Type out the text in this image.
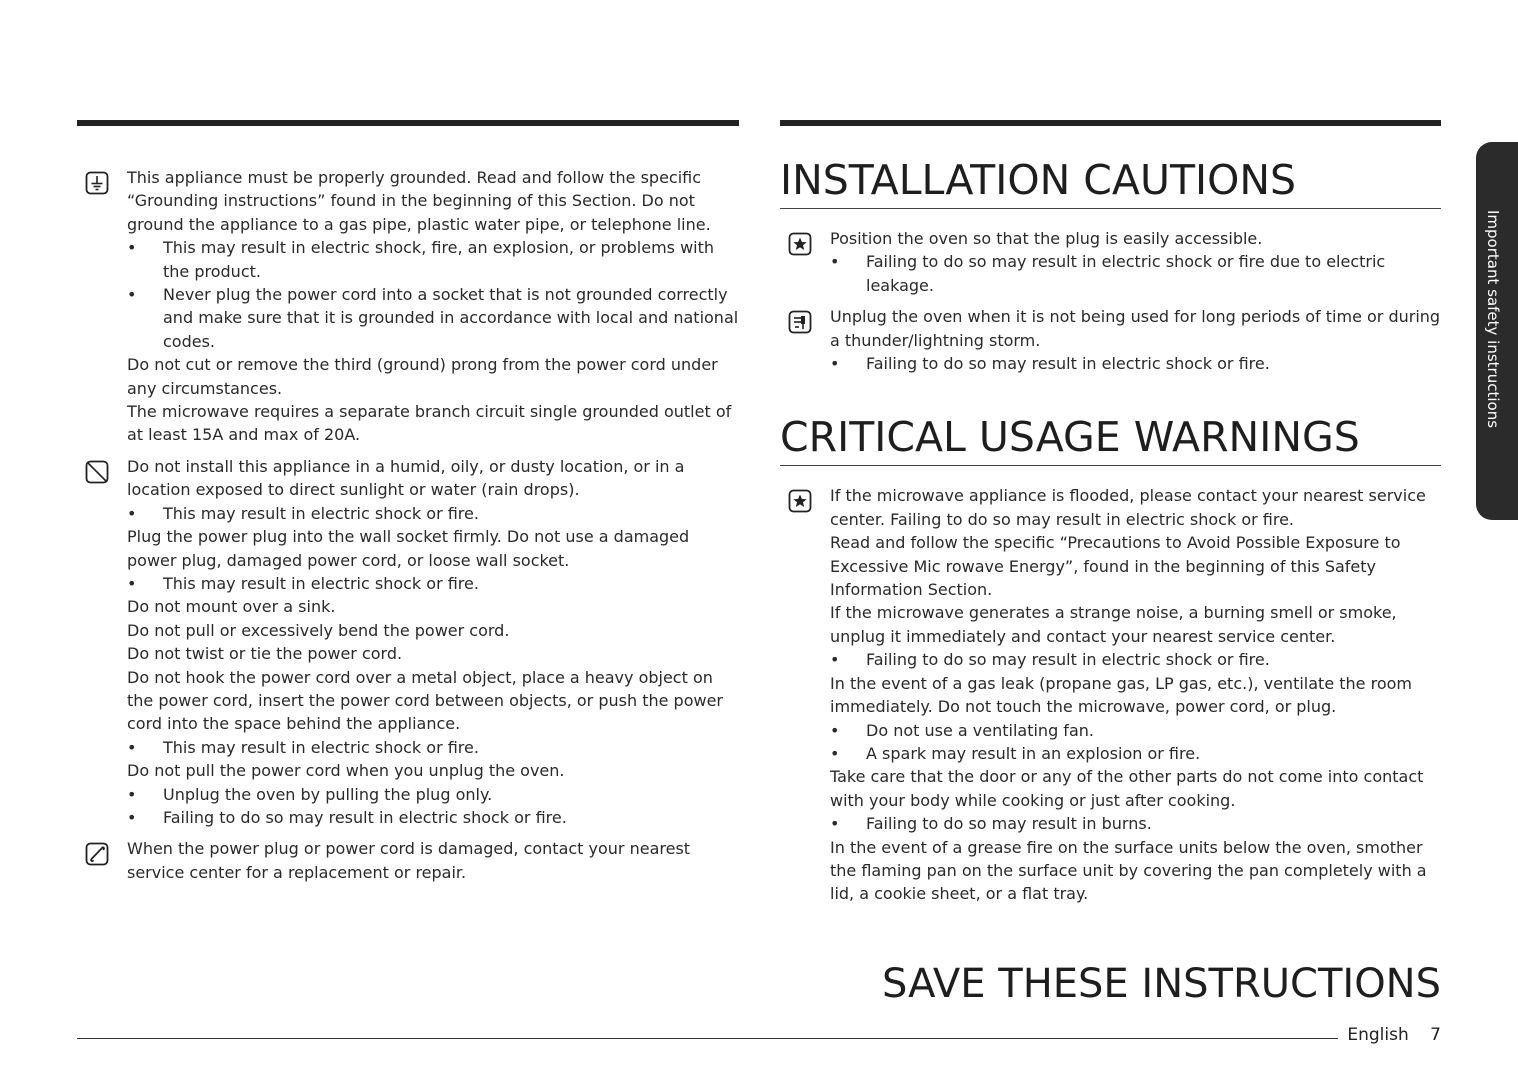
This appliance must be properly grounded. Read and follow the specific “Grounding instructions” found in the beginning of this Section. Do not ground the appliance to a gas pipe, plastic water pipe, or telephone line.

• This may result in electric shock, fire, an explosion, or problems with the product.

• Never plug the power cord into a socket that is not grounded correctly and make sure that it is grounded in accordance with local and national codes.

Do not cut or remove the third (ground) prong from the power cord under any circumstances.

The microwave requires a separate branch circuit single grounded outlet of at least 15A and max of 20A.

Do not install this appliance in a humid, oily, or dusty location, or in a location exposed to direct sunlight or water (rain drops).

• This may result in electric shock or fire.

Plug the power plug into the wall socket firmly. Do not use a damaged power plug, damaged power cord, or loose wall socket.

• This may result in electric shock or fire.

Do not mount over a sink.

Do not pull or excessively bend the power cord.

Do not twist or tie the power cord.

Do not hook the power cord over a metal object, place a heavy object on the power cord, insert the power cord between objects, or push the power cord into the space behind the appliance.

• This may result in electric shock or fire.

Do not pull the power cord when you unplug the oven.

• Unplug the oven by pulling the plug only.

• Failing to do so may result in electric shock or fire.

When the power plug or power cord is damaged, contact your nearest service center for a replacement or repair.

INSTALLATION CAUTIONS

Position the oven so that the plug is easily accessible.

• Failing to do so may result in electric shock or fire due to electric leakage.

Unplug the oven when it is not being used for long periods of time or during a thunder/lightning storm.

• Failing to do so may result in electric shock or fire.

CRITICAL USAGE WARNINGS

If the microwave appliance is flooded, please contact your nearest service center. Failing to do so may result in electric shock or fire.

Read and follow the specific “Precautions to Avoid Possible Exposure to Excessive Mic rowave Energy”, found in the beginning of this Safety Information Section.

If the microwave generates a strange noise, a burning smell or smoke, unplug it immediately and contact your nearest service center.

• Failing to do so may result in electric shock or fire.

In the event of a gas leak (propane gas, LP gas, etc.), ventilate the room immediately. Do not touch the microwave, power cord, or plug.

• Do not use a ventilating fan.

• A spark may result in an explosion or fire.

Take care that the door or any of the other parts do not come into contact with your body while cooking or just after cooking.

• Failing to do so may result in burns.

In the event of a grease fire on the surface units below the oven, smother the flaming pan on the surface unit by covering the pan completely with a lid, a cookie sheet, or a flat tray.

SAVE THESE INSTRUCTIONS
English 7
Important safety instructions
